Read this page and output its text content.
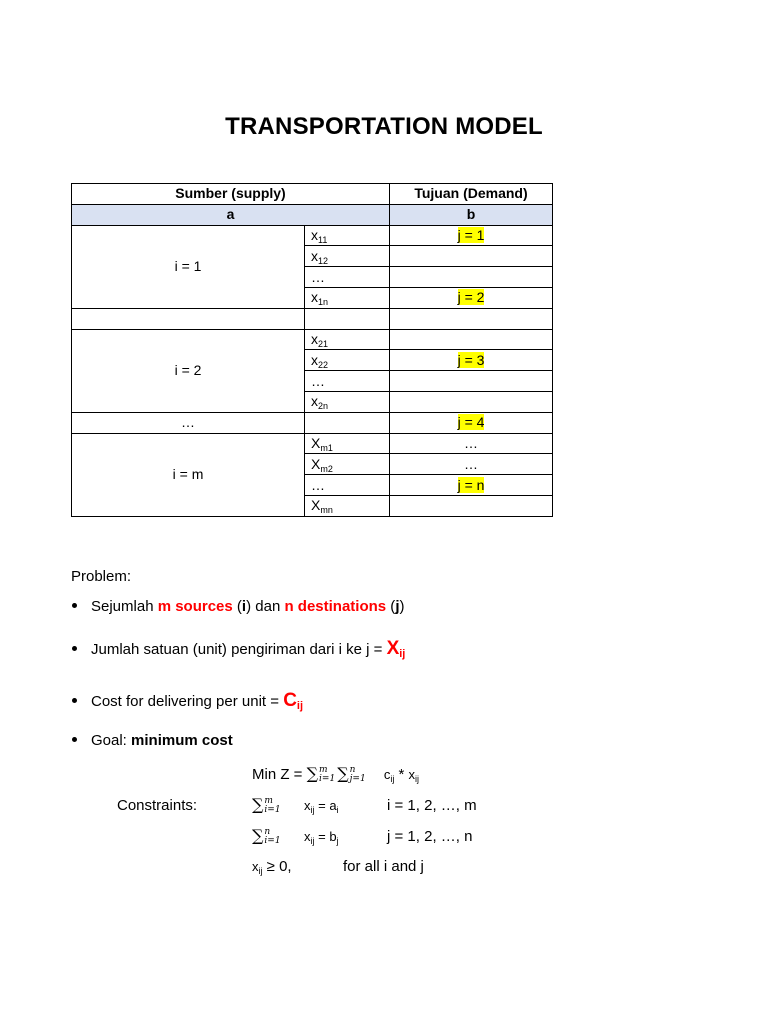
TRANSPORTATION MODEL
Sumber (supply)		Tujuan (Demand)
a		b
i = 1	$x_{11}$	j = 1
	$x_{12}$	
	…	
	$x_{1n}$	j = 2

i = 2	$x_{21}$	
	$x_{22}$	j = 3
	…	
	$x_{2n}$	
…		j = 4
i = m	$X_{m1}$	…
	$X_{m2}$	…
	…	j = n
	$X_{mn}$	
Problem:
Sejumlah m sources (i) dan n destinations (j)
Jumlah satuan (unit) pengiriman dari i ke $j = X_{ij}$
Cost for delivering per unit = $C_{ij}$
Goal: minimum cost
Min Z = ∑m
i=1 ∑n
j=1 $c_{ij} * x_{ij}$
Constraints:	∑m
i=1 $x_{ij} = a_i$	i = 1, 2, …, m
∑n
i=1 $x_{ij} = b_j$	j = 1, 2, …, n
$x_{ij} \ge 0$,	for all i and j
